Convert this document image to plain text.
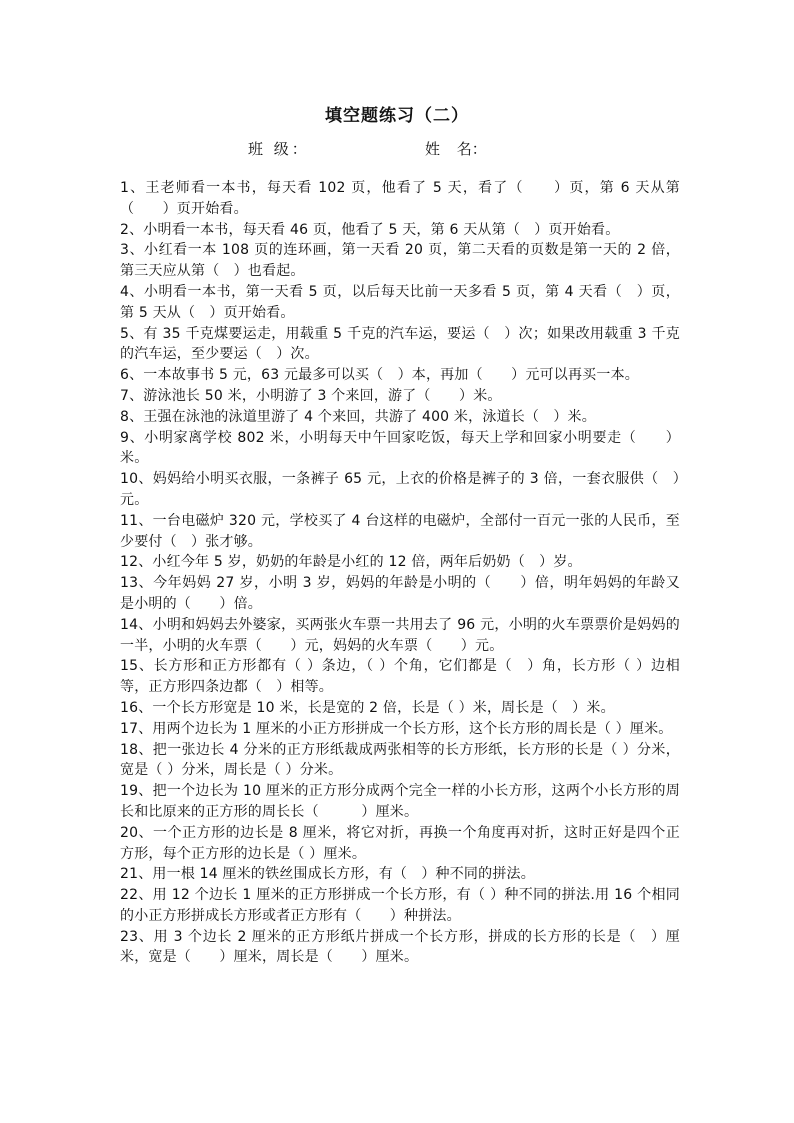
填空题练习（二）
班 级：	姓 名：
1、王老师看一本书，每天看 102 页，他看了 5 天，看了（　　）页，第 6 天从第（　　）页开始看。
2、小明看一本书，每天看 46 页，他看了 5 天，第 6 天从第（　）页开始看。
3、小红看一本 108 页的连环画，第一天看 20 页，第二天看的页数是第一天的 2 倍，第三天应从第（　）也看起。
4、小明看一本书，第一天看 5 页，以后每天比前一天多看 5 页，第 4 天看（　）页，第 5 天从（　）页开始看。
5、有 35 千克煤要运走，用载重 5 千克的汽车运，要运（　）次；如果改用载重 3 千克的汽车运，至少要运（　）次。
6、一本故事书 5 元，63 元最多可以买（　）本，再加（　　）元可以再买一本。
7、游泳池长 50 米，小明游了 3 个来回，游了（　　）米。
8、王强在泳池的泳道里游了 4 个来回，共游了 400 米，泳道长（　）米。
9、小明家离学校 802 米，小明每天中午回家吃饭，每天上学和回家小明要走（　　）米。
10、妈妈给小明买衣服，一条裤子 65 元，上衣的价格是裤子的 3 倍，一套衣服供（　）元。
11、一台电磁炉 320 元，学校买了 4 台这样的电磁炉，全部付一百元一张的人民币，至少要付（　）张才够。
12、小红今年 5 岁，奶奶的年龄是小红的 12 倍，两年后奶奶（　）岁。
13、今年妈妈 27 岁，小明 3 岁，妈妈的年龄是小明的（　　）倍，明年妈妈的年龄又是小明的（　　）倍。
14、小明和妈妈去外婆家，买两张火车票一共用去了 96 元，小明的火车票票价是妈妈的一半，小明的火车票（　　）元，妈妈的火车票（　　）元。
15、长方形和正方形都有（ ）条边，（ ）个角，它们都是（　）角，长方形（ ）边相等，正方形四条边都（　）相等。
16、一个长方形宽是 10 米，长是宽的 2 倍，长是（ ）米，周长是（　）米。
17、用两个边长为 1 厘米的小正方形拼成一个长方形，这个长方形的周长是（ ）厘米。
18、把一张边长 4 分米的正方形纸裁成两张相等的长方形纸，长方形的长是（ ）分米，宽是（ ）分米，周长是（ ）分米。
19、把一个边长为 10 厘米的正方形分成两个完全一样的小长方形，这两个小长方形的周长和比原来的正方形的周长长（　　　）厘米。
20、一个正方形的边长是 8 厘米，将它对折，再换一个角度再对折，这时正好是四个正方形，每个正方形的边长是（ ）厘米。
21、用一根 14 厘米的铁丝围成长方形，有（　）种不同的拼法。
22、用 12 个边长 1 厘米的正方形拼成一个长方形，有（ ）种不同的拼法.用 16 个相同的小正方形拼成长方形或者正方形有（　　）种拼法。
23、用 3 个边长 2 厘米的正方形纸片拼成一个长方形，拼成的长方形的长是（　）厘米，宽是（　　）厘米，周长是（　　）厘米。
